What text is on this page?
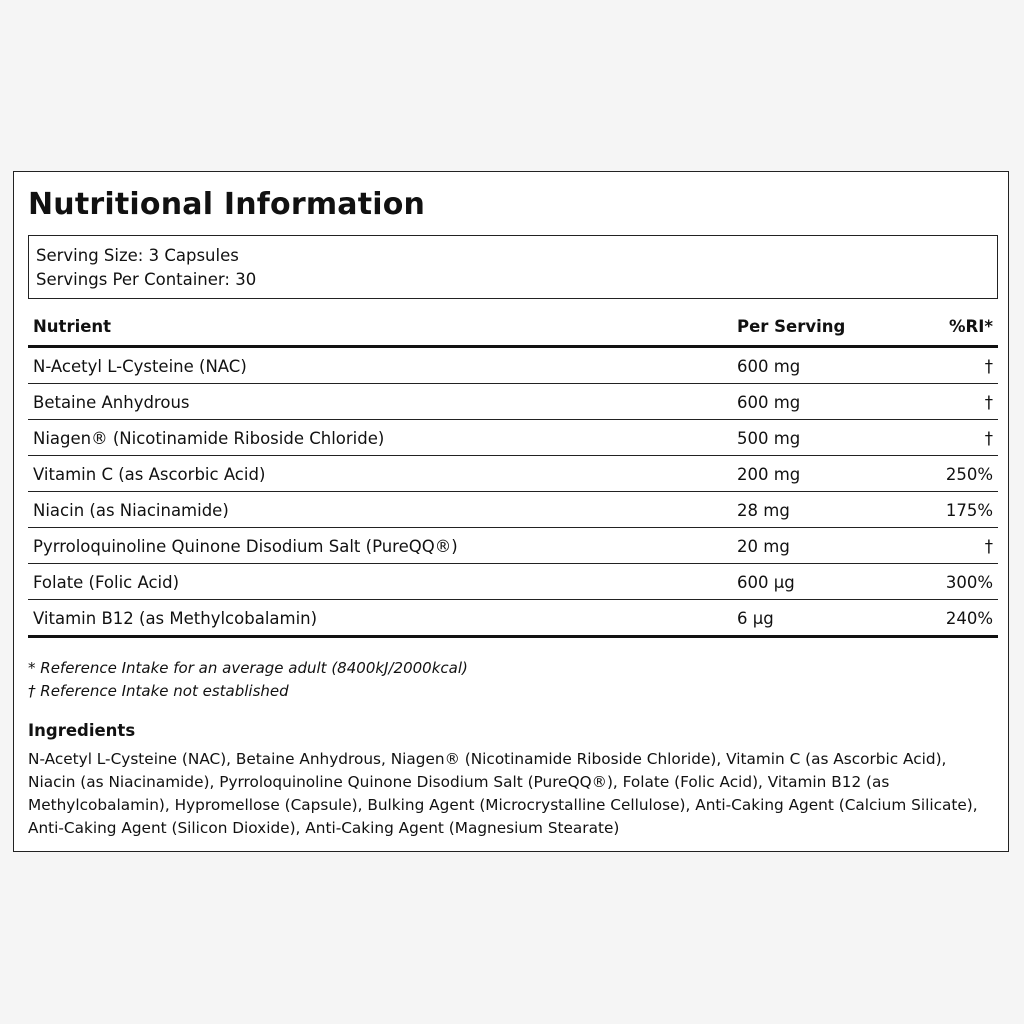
Nutritional Information
Serving Size: 3 Capsules
Servings Per Container: 30
Nutrient	Per Serving	%RI*
N-Acetyl L-Cysteine (NAC)	600 mg	†
Betaine Anhydrous	600 mg	†
Niagen® (Nicotinamide Riboside Chloride)	500 mg	†
Vitamin C (as Ascorbic Acid)	200 mg	250%
Niacin (as Niacinamide)	28 mg	175%
Pyrroloquinoline Quinone Disodium Salt (PureQQ®)	20 mg	†
Folate (Folic Acid)	600 µg	300%
Vitamin B12 (as Methylcobalamin)	6 µg	240%
* Reference Intake for an average adult (8400kJ/2000kcal)
† Reference Intake not established
Ingredients
N-Acetyl L-Cysteine (NAC), Betaine Anhydrous, Niagen® (Nicotinamide Riboside Chloride), Vitamin C (as Ascorbic Acid), Niacin (as Niacinamide), Pyrroloquinoline Quinone Disodium Salt (PureQQ®), Folate (Folic Acid), Vitamin B12 (as Methylcobalamin), Hypromellose (Capsule), Bulking Agent (Microcrystalline Cellulose), Anti-Caking Agent (Calcium Silicate), Anti-Caking Agent (Silicon Dioxide), Anti-Caking Agent (Magnesium Stearate)
